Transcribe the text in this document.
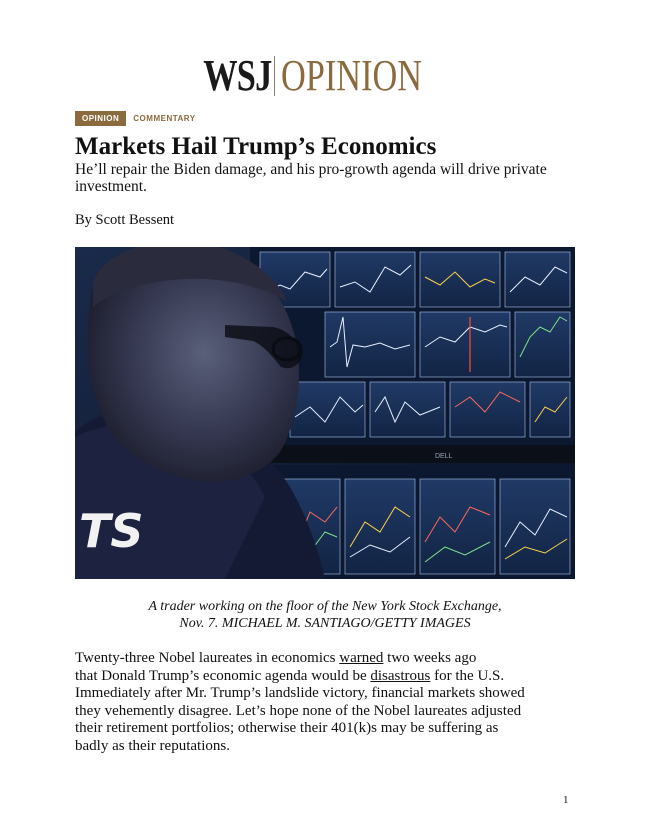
WSJ OPINION
OPINION	COMMENTARY
Markets Hail Trump’s Economics
He’ll repair the Biden damage, and his pro-growth agenda will drive private investment.
By Scott Bessent
DELL
TS
A trader working on the floor of the New York Stock Exchange,
Nov. 7. MICHAEL M. SANTIAGO/GETTY IMAGES
Twenty-three Nobel laureates in economics warned two weeks ago
that Donald Trump’s economic agenda would be disastrous for the U.S.
Immediately after Mr. Trump’s landslide victory, financial markets showed
they vehemently disagree. Let’s hope none of the Nobel laureates adjusted
their retirement portfolios; otherwise their 401(k)s may be suffering as
badly as their reputations.
1
